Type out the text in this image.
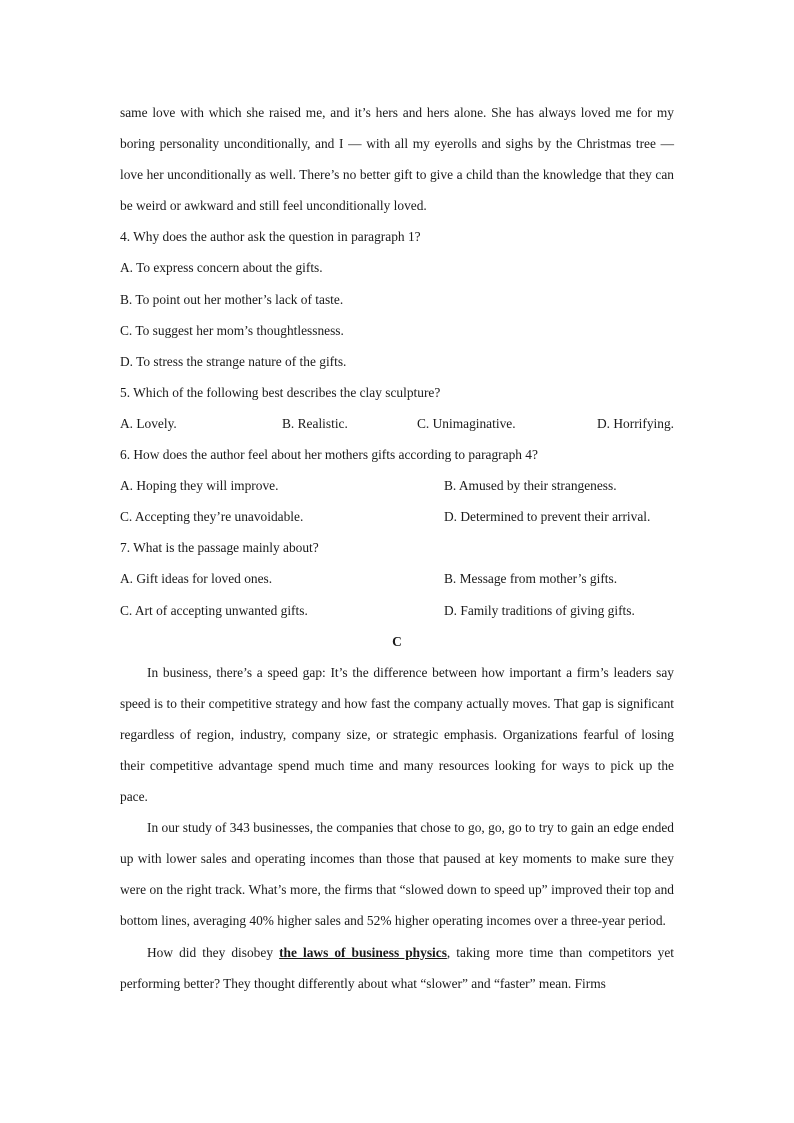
same love with which she raised me, and it’s hers and hers alone. She has always loved me for my boring personality unconditionally, and I — with all my eyerolls and sighs by the Christmas tree — love her unconditionally as well. There’s no better gift to give a child than the knowledge that they can be weird or awkward and still feel unconditionally loved.

4. Why does the author ask the question in paragraph 1?

A. To express concern about the gifts.

B. To point out her mother’s lack of taste.

C. To suggest her mom’s thoughtlessness.

D. To stress the strange nature of the gifts.

5. Which of the following best describes the clay sculpture?

A. Lovely.	B. Realistic.	C. Unimaginative.	D. Horrifying.

6. How does the author feel about her mothers gifts according to paragraph 4?

A. Hoping they will improve.	B. Amused by their strangeness.
C. Accepting they’re unavoidable.	D. Determined to prevent their arrival.

7. What is the passage mainly about?

A. Gift ideas for loved ones.	B. Message from mother’s gifts.
C. Art of accepting unwanted gifts.	D. Family traditions of giving gifts.

C

In business, there’s a speed gap: It’s the difference between how important a firm’s leaders say speed is to their competitive strategy and how fast the company actually moves. That gap is significant regardless of region, industry, company size, or strategic emphasis. Organizations fearful of losing their competitive advantage spend much time and many resources looking for ways to pick up the pace.

In our study of 343 businesses, the companies that chose to go, go, go to try to gain an edge ended up with lower sales and operating incomes than those that paused at key moments to make sure they were on the right track. What’s more, the firms that “slowed down to speed up” improved their top and bottom lines, averaging 40% higher sales and 52% higher operating incomes over a three-year period.

How did they disobey the laws of business physics, taking more time than competitors yet performing better? They thought differently about what “slower” and “faster” mean. Firms
